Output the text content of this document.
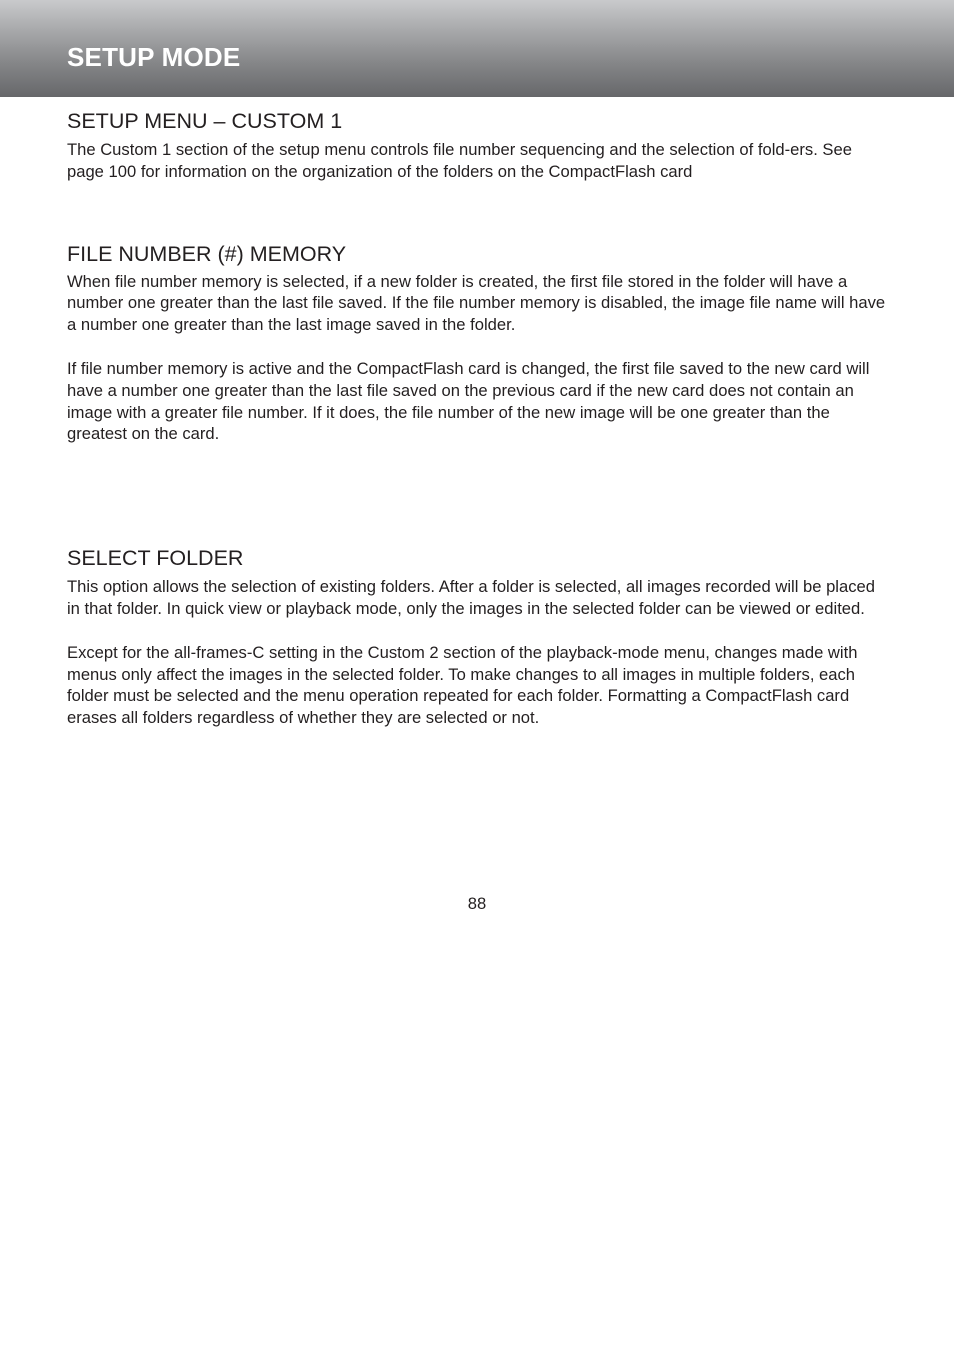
SETUP MODE
SETUP MENU – CUSTOM 1

The Custom 1 section of the setup menu controls file number sequencing and the selection of fold-ers. See page 100 for information on the organization of the folders on the CompactFlash card

FILE NUMBER (#) MEMORY

When file number memory is selected, if a new folder is created, the first file stored in the folder will have a number one greater than the last file saved. If the file number memory is disabled, the image file name will have a number one greater than the last image saved in the folder.

If file number memory is active and the CompactFlash card is changed, the first file saved to the new card will have a number one greater than the last file saved on the previous card if the new card does not contain an image with a greater file number. If it does, the file number of the new image will be one greater than the greatest on the card.

SELECT FOLDER

This option allows the selection of existing folders. After a folder is selected, all images recorded will be placed in that folder. In quick view or playback mode, only the images in the selected folder can be viewed or edited.

Except for the all-frames-C setting in the Custom 2 section of the playback-mode menu, changes made with menus only affect the images in the selected folder. To make changes to all images in multiple folders, each folder must be selected and the menu operation repeated for each folder. Formatting a CompactFlash card erases all folders regardless of whether they are selected or not.

88
